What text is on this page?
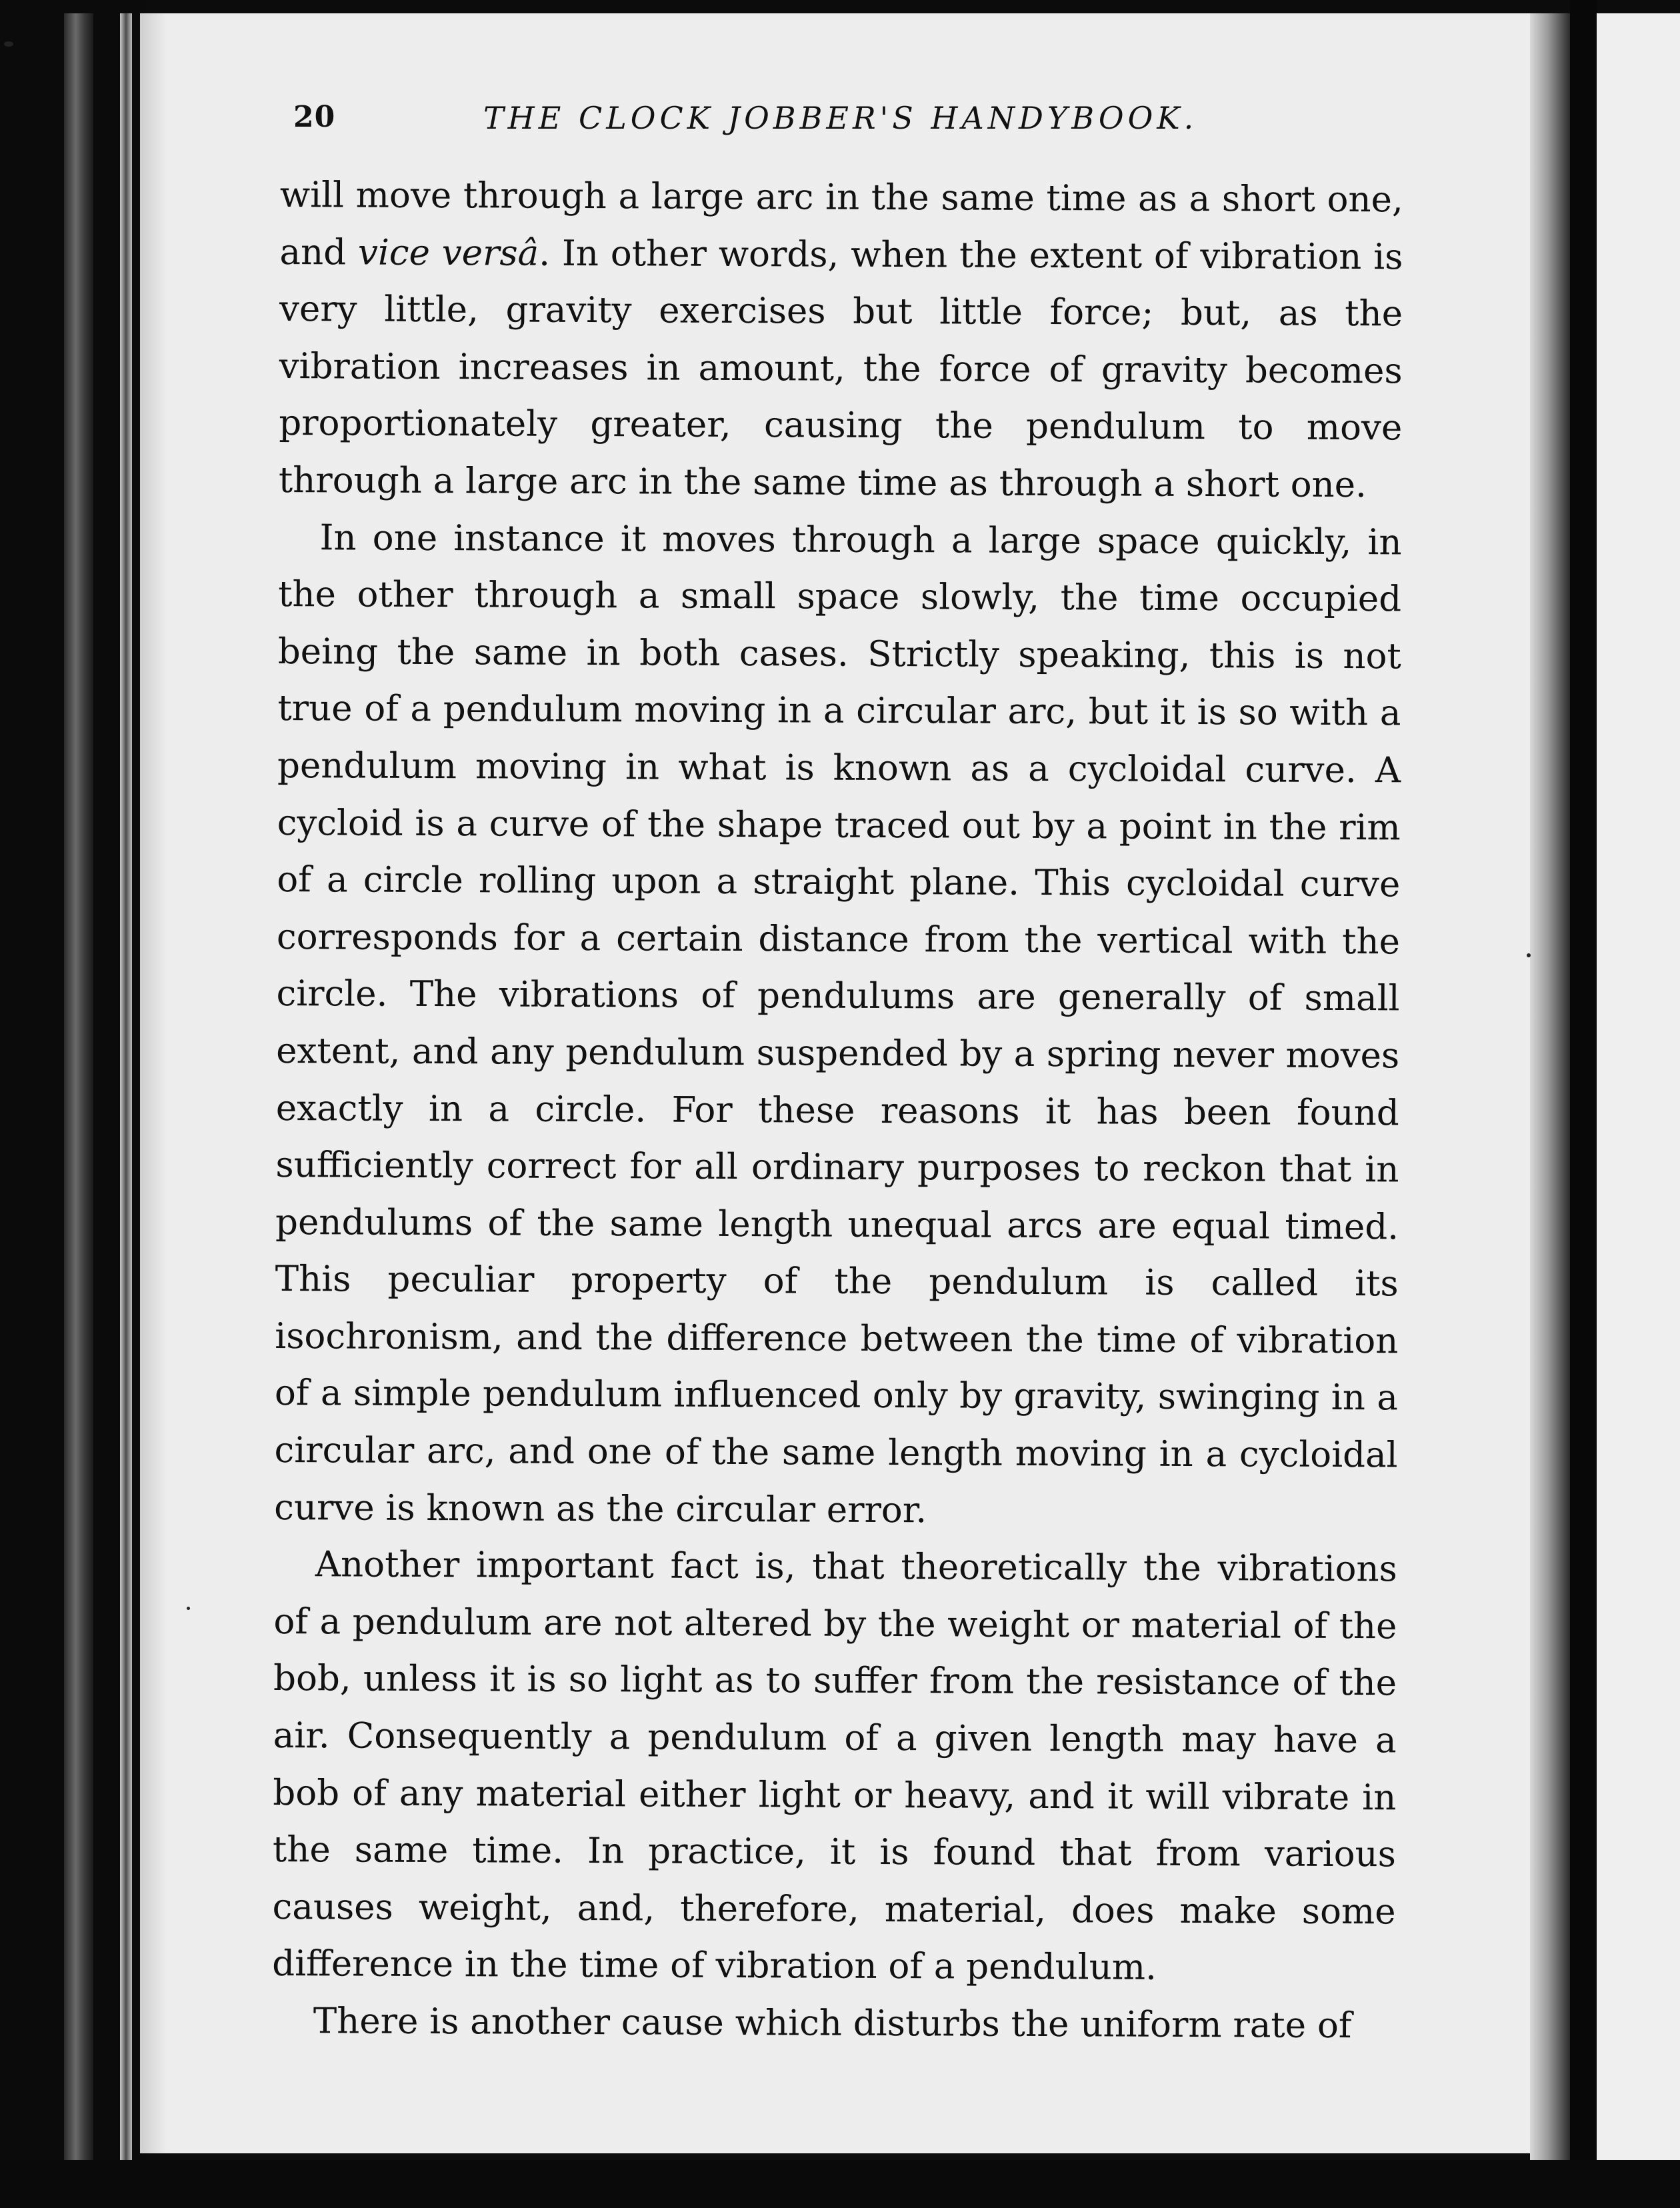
20	THE CLOCK JOBBER'S HANDYBOOK.

will move through a large arc in the same time as a short one, and vice versâ. In other words, when the extent of vibration is very little, gravity exercises but little force; but, as the vibration increases in amount, the force of gravity becomes proportionately greater, causing the pendulum to move through a large arc in the same time as through a short one.

In one instance it moves through a large space quickly, in the other through a small space slowly, the time occupied being the same in both cases. Strictly speaking, this is not true of a pendulum moving in a circular arc, but it is so with a pendulum moving in what is known as a cycloidal curve. A cycloid is a curve of the shape traced out by a point in the rim of a circle rolling upon a straight plane. This cycloidal curve corresponds for a certain distance from the vertical with the circle. The vibrations of pendulums are generally of small extent, and any pendulum suspended by a spring never moves exactly in a circle. For these reasons it has been found sufficiently correct for all ordinary purposes to reckon that in pendulums of the same length unequal arcs are equal timed. This peculiar property of the pendulum is called its isochronism, and the difference between the time of vibration of a simple pendulum influenced only by gravity, swinging in a circular arc, and one of the same length moving in a cycloidal curve is known as the circular error.

Another important fact is, that theoretically the vibrations of a pendulum are not altered by the weight or material of the bob, unless it is so light as to suffer from the resistance of the air. Consequently a pendulum of a given length may have a bob of any material either light or heavy, and it will vibrate in the same time. In practice, it is found that from various causes weight, and, therefore, material, does make some difference in the time of vibration of a pendulum.

There is another cause which disturbs the uniform rate of
